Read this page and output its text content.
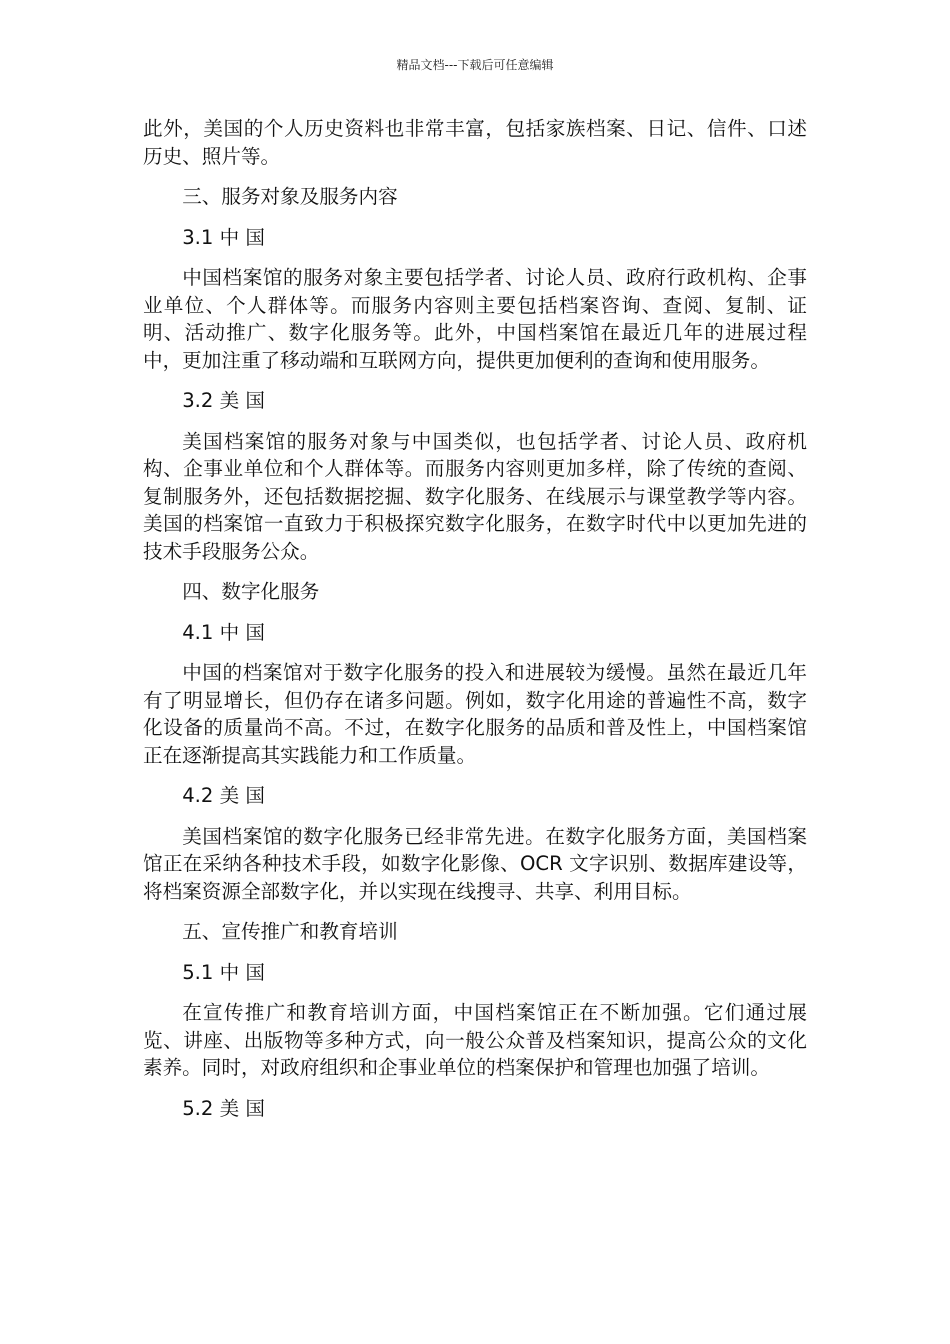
精品文档---下载后可任意编辑

此外，美国的个人历史资料也非常丰富，包括家族档案、日记、信件、口述历史、照片等。

三、服务对象及服务内容
3.1 中 国

中国档案馆的服务对象主要包括学者、讨论人员、政府行政机构、企事业单位、个人群体等。而服务内容则主要包括档案咨询、查阅、复制、证明、活动推广、数字化服务等。此外，中国档案馆在最近几年的进展过程中，更加注重了移动端和互联网方向，提供更加便利的查询和使用服务。

3.2 美 国

美国档案馆的服务对象与中国类似，也包括学者、讨论人员、政府机构、企事业单位和个人群体等。而服务内容则更加多样，除了传统的查阅、复制服务外，还包括数据挖掘、数字化服务、在线展示与课堂教学等内容。美国的档案馆一直致力于积极探究数字化服务，在数字时代中以更加先进的技术手段服务公众。

四、数字化服务
4.1 中 国

中国的档案馆对于数字化服务的投入和进展较为缓慢。虽然在最近几年有了明显增长，但仍存在诸多问题。例如，数字化用途的普遍性不高，数字化设备的质量尚不高。不过，在数字化服务的品质和普及性上，中国档案馆正在逐渐提高其实践能力和工作质量。

4.2 美 国

美国档案馆的数字化服务已经非常先进。在数字化服务方面，美国档案馆正在采纳各种技术手段，如数字化影像、OCR 文字识别、数据库建设等，将档案资源全部数字化，并以实现在线搜寻、共享、利用目标。

五、宣传推广和教育培训
5.1 中 国

在宣传推广和教育培训方面，中国档案馆正在不断加强。它们通过展览、讲座、出版物等多种方式，向一般公众普及档案知识，提高公众的文化素养。同时，对政府组织和企事业单位的档案保护和管理也加强了培训。

5.2 美 国
